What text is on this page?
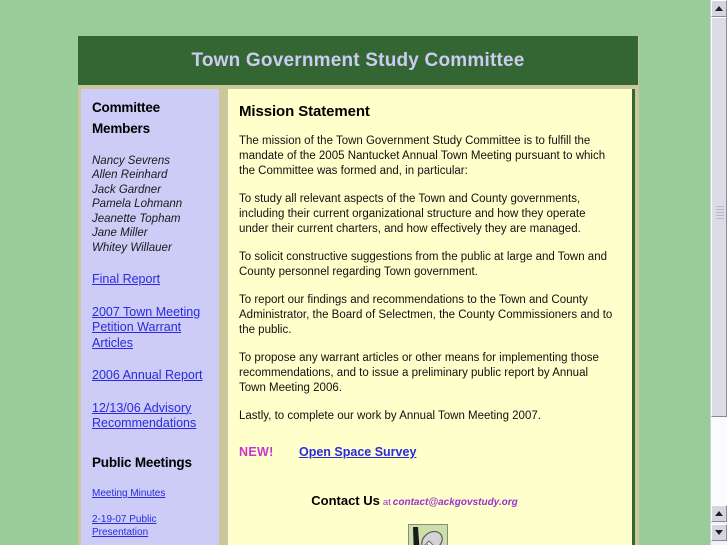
Town Government Study Committee
Committee
Members
Nancy Sevrens
Allen Reinhard
Jack Gardner
Pamela Lohmann
Jeanette Topham
Jane Miller
Whitey Willauer
Final Report
2007 Town Meeting Petition Warrant Articles
2006 Annual Report
12/13/06 Advisory Recommendations
Public Meetings
Meeting Minutes
2-19-07 Public Presentation
Mission Statement

The mission of the Town Government Study Committee is to fulfill the mandate of the 2005 Nantucket Annual Town Meeting pursuant to which the Committee was formed and, in particular:

To study all relevant aspects of the Town and County governments, including their current organizational structure and how they operate under their current charters, and how effectively they are managed.

To solicit constructive suggestions from the public at large and Town and County personnel regarding Town government.

To report our findings and recommendations to the Town and County Administrator, the Board of Selectmen, the County Commissioners and to the public.

To propose any warrant articles or other means for implementing those recommendations, and to issue a preliminary public report by Annual Town Meeting 2006.

Lastly, to complete our work by Annual Town Meeting 2007.

NEW! Open Space Survey
Contact Us at contact@ackgovstudy.org
